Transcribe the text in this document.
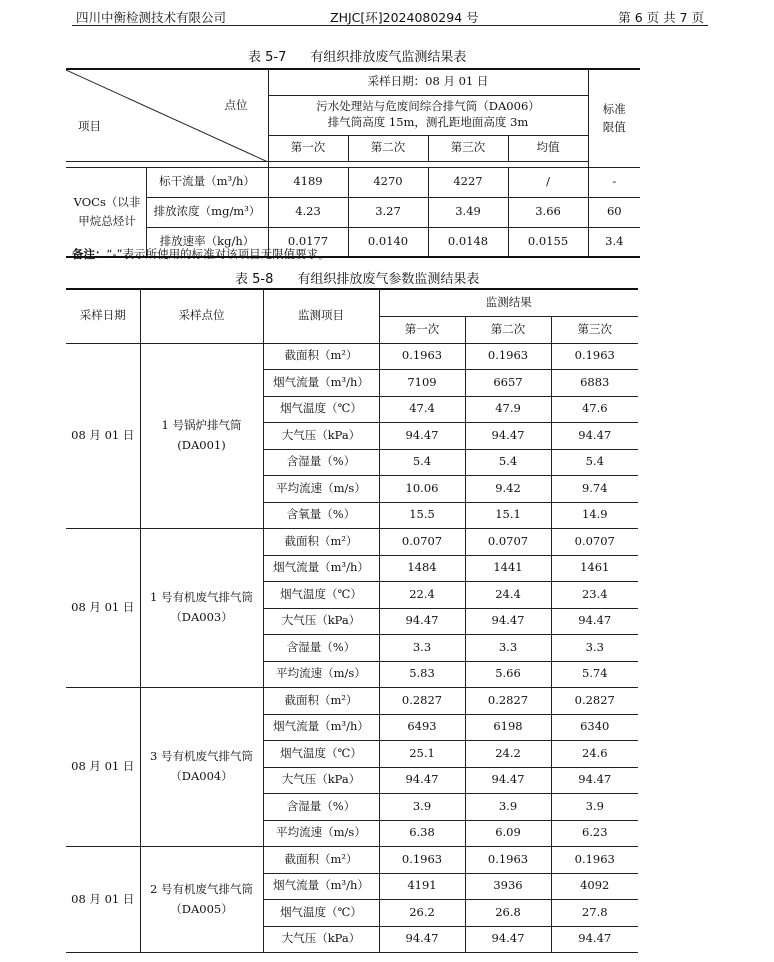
四川中衡检测技术有限公司	ZHJC[环]2024080294 号	第 6 页 共 7 页
表 5-7 有组织排放废气监测结果表
点位
项目		采样日期：08 月 01 日				标准限值

		污水处理站与危废间综合排气筒（DA006）
排气筒高度 15m，测孔距地面高度 3m				

		第一次	第二次	第三次	均值	

VOCs（以非甲烷总烃计	标干流量（m³/h）	4189	4270	4227	/	-
	排放浓度（mg/m³）	4.23	3.27	3.49	3.66	60
	排放速率（kg/h）	0.0177	0.0140	0.0148	0.0155	3.4
备注：“-”表示所使用的标准对该项目无限值要求。
表 5-8 有组织排放废气参数监测结果表
采样日期	采样点位	监测项目	监测结果		
			第一次	第二次	第三次
08 月 01 日	1 号锅炉排气筒(DA001)	截面积（m²）	0.1963	0.1963	0.1963
		烟气流量（m³/h）	7109	6657	6883
		烟气温度（℃）	47.4	47.9	47.6
		大气压（kPa）	94.47	94.47	94.47
		含湿量（%）	5.4	5.4	5.4
		平均流速（m/s）	10.06	9.42	9.74
		含氧量（%）	15.5	15.1	14.9
08 月 01 日	1 号有机废气排气筒
（DA003）	截面积（m²）	0.0707	0.0707	0.0707
		烟气流量（m³/h）	1484	1441	1461
		烟气温度（℃）	22.4	24.4	23.4
		大气压（kPa）	94.47	94.47	94.47
		含湿量（%）	3.3	3.3	3.3
		平均流速（m/s）	5.83	5.66	5.74
08 月 01 日	3 号有机废气排气筒
（DA004）	截面积（m²）	0.2827	0.2827	0.2827
		烟气流量（m³/h）	6493	6198	6340
		烟气温度（℃）	25.1	24.2	24.6
		大气压（kPa）	94.47	94.47	94.47
		含湿量（%）	3.9	3.9	3.9
		平均流速（m/s）	6.38	6.09	6.23
08 月 01 日	2 号有机废气排气筒
（DA005）	截面积（m²）	0.1963	0.1963	0.1963
		烟气流量（m³/h）	4191	3936	4092
		烟气温度（℃）	26.2	26.8	27.8
		大气压（kPa）	94.47	94.47	94.47
